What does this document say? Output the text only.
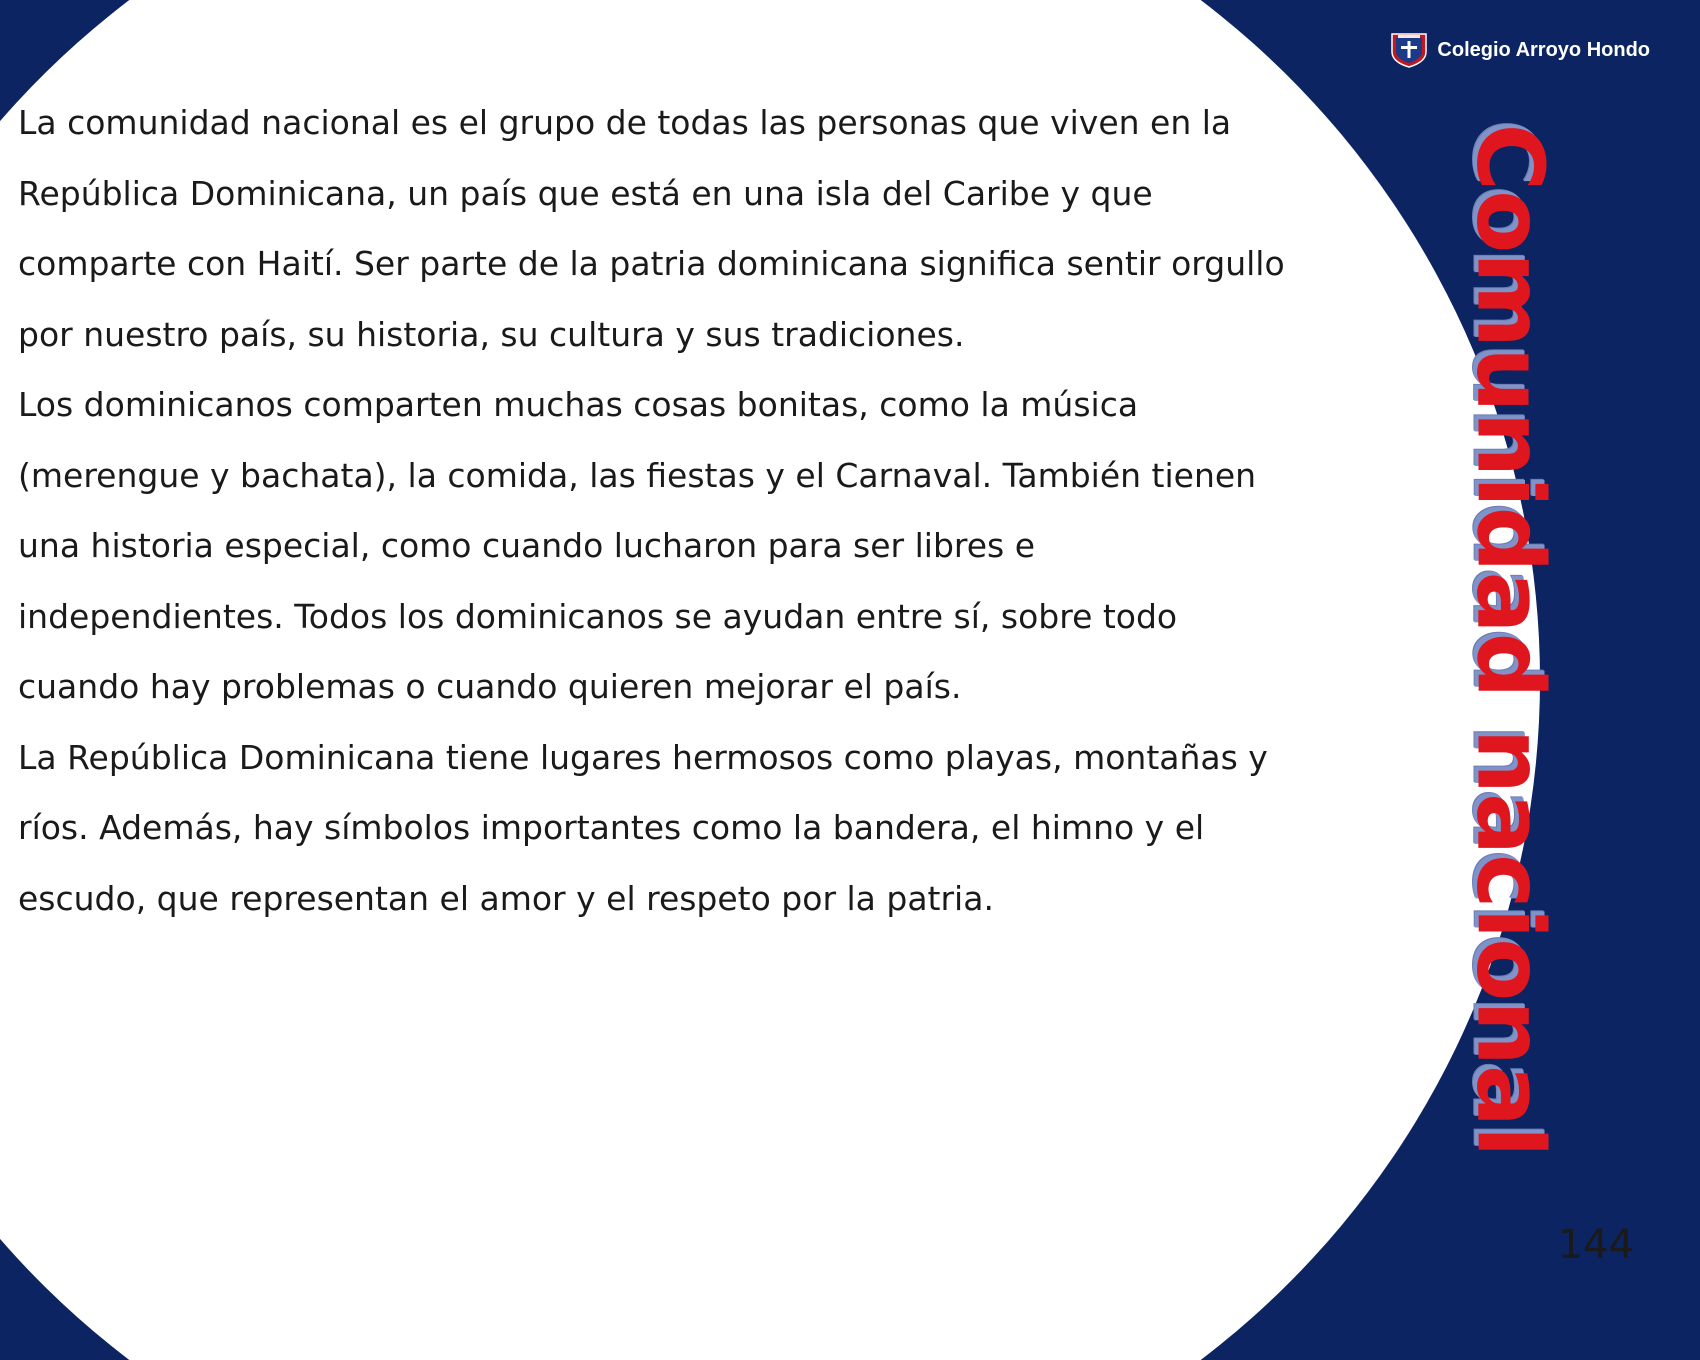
Colegio Arroyo Hondo

La comunidad nacional es el grupo de todas las personas que viven en la República Dominicana, un país que está en una isla del Caribe y que comparte con Haití. Ser parte de la patria dominicana significa sentir orgullo por nuestro país, su historia, su cultura y sus tradiciones.

Los dominicanos comparten muchas cosas bonitas, como la música (merengue y bachata), la comida, las fiestas y el Carnaval. También tienen una historia especial, como cuando lucharon para ser libres e independientes. Todos los dominicanos se ayudan entre sí, sobre todo cuando hay problemas o cuando quieren mejorar el país.

La República Dominicana tiene lugares hermosos como playas, montañas y ríos. Además, hay símbolos importantes como la bandera, el himno y el escudo, que representan el amor y el respeto por la patria.	Comunidad nacional
144
